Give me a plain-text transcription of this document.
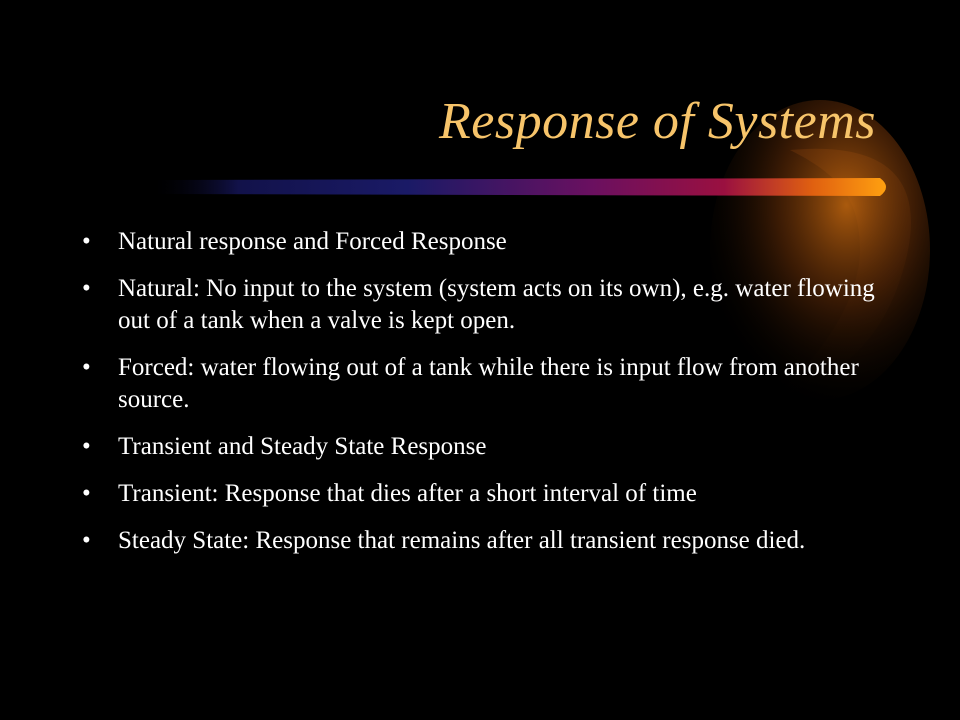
Response of Systems
• Natural response and Forced Response
• Natural: No input to the system (system acts on its own), e.g. water flowing out of a tank when a valve is kept open.
• Forced: water flowing out of a tank while there is input flow from another source.
• Transient and Steady State Response
• Transient: Response that dies after a short interval of time
• Steady State: Response that remains after all transient response died.
